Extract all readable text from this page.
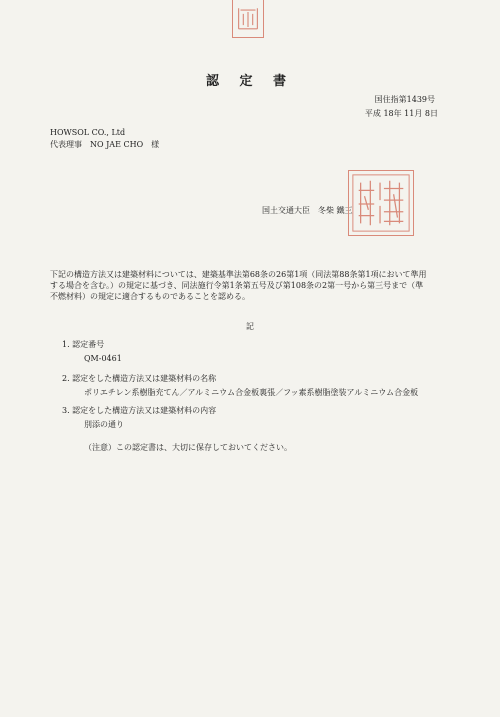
認 定 書
国住指第1439号
平成 18年 11月 8日
HOWSOL CO., Ltd
代表理事　NO JAE CHO　様
国土交通大臣　冬柴 鐵三
下記の構造方法又は建築材料については、建築基準法第68条の26第1項（同法第88条第1項において準用する場合を含む。）の規定に基づき、同法施行令第1条第五号及び第108条の2第一号から第三号まで（準不燃材料）の規定に適合するものであることを認める。
記
1. 認定番号
QM-0461
2. 認定をした構造方法又は建築材料の名称
ポリエチレン系樹脂充てん／アルミニウム合金板裏張／フッ素系樹脂塗装アルミニウム合金板
3. 認定をした構造方法又は建築材料の内容
別添の通り
（注意）この認定書は、大切に保存しておいてください。
